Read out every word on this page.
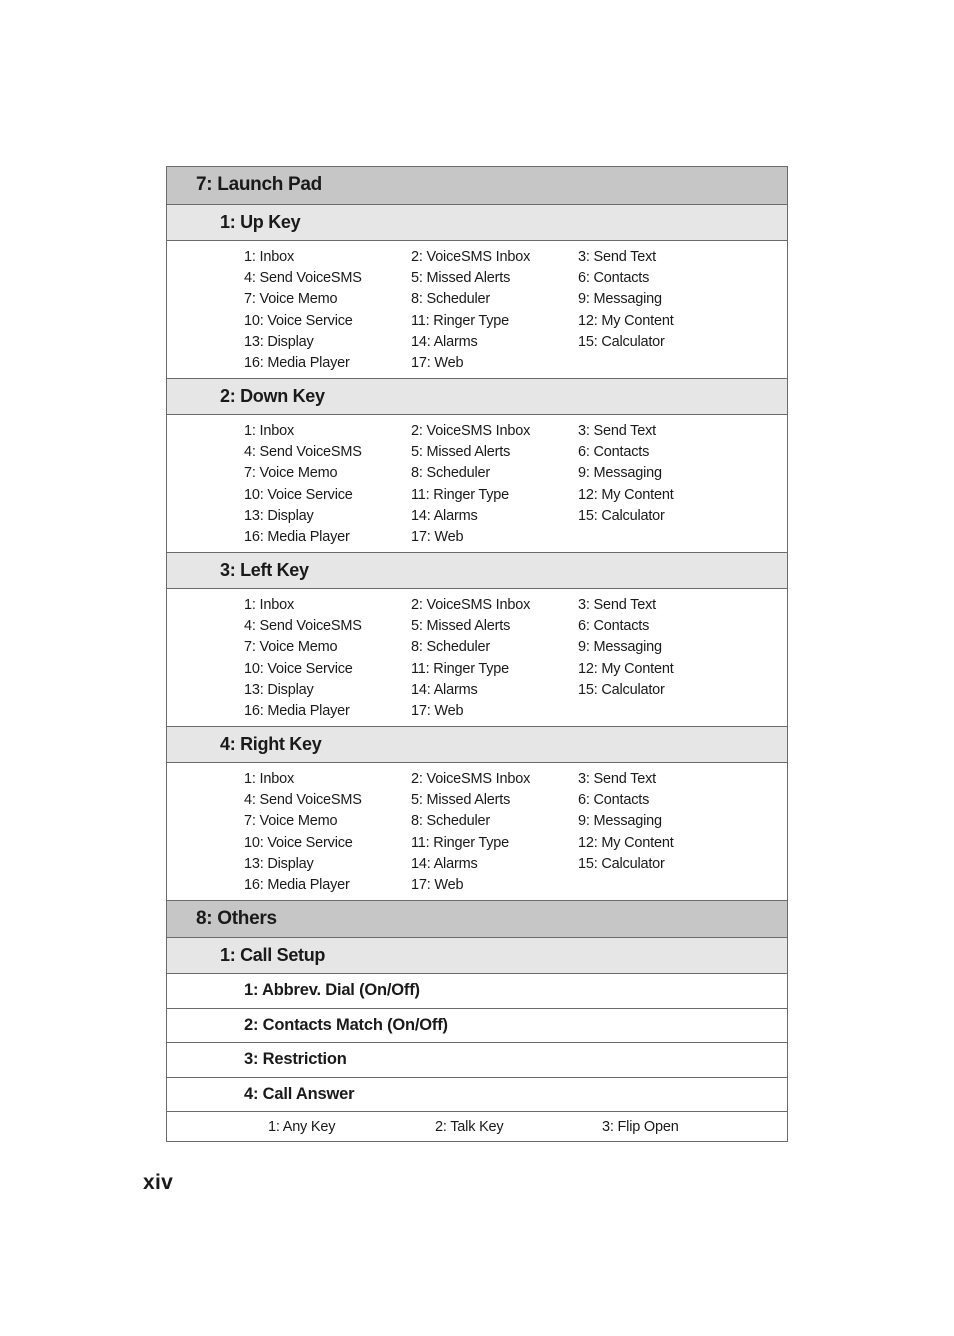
7: Launch Pad
1: Up Key
1: Inbox	2: VoiceSMS Inbox	3: Send Text
4: Send VoiceSMS	5: Missed Alerts	6: Contacts
7: Voice Memo	8: Scheduler	9: Messaging
10: Voice Service	11: Ringer Type	12: My Content
13: Display	14: Alarms	15: Calculator
16: Media Player	17: Web
2: Down Key
1: Inbox	2: VoiceSMS Inbox	3: Send Text
4: Send VoiceSMS	5: Missed Alerts	6: Contacts
7: Voice Memo	8: Scheduler	9: Messaging
10: Voice Service	11: Ringer Type	12: My Content
13: Display	14: Alarms	15: Calculator
16: Media Player	17: Web
3: Left Key
1: Inbox	2: VoiceSMS Inbox	3: Send Text
4: Send VoiceSMS	5: Missed Alerts	6: Contacts
7: Voice Memo	8: Scheduler	9: Messaging
10: Voice Service	11: Ringer Type	12: My Content
13: Display	14: Alarms	15: Calculator
16: Media Player	17: Web
4: Right Key
1: Inbox	2: VoiceSMS Inbox	3: Send Text
4: Send VoiceSMS	5: Missed Alerts	6: Contacts
7: Voice Memo	8: Scheduler	9: Messaging
10: Voice Service	11: Ringer Type	12: My Content
13: Display	14: Alarms	15: Calculator
16: Media Player	17: Web
8: Others
1: Call Setup
1: Abbrev. Dial (On/Off)
2: Contacts Match (On/Off)
3: Restriction
4: Call Answer
1: Any Key	2: Talk Key	3: Flip Open
xiv
